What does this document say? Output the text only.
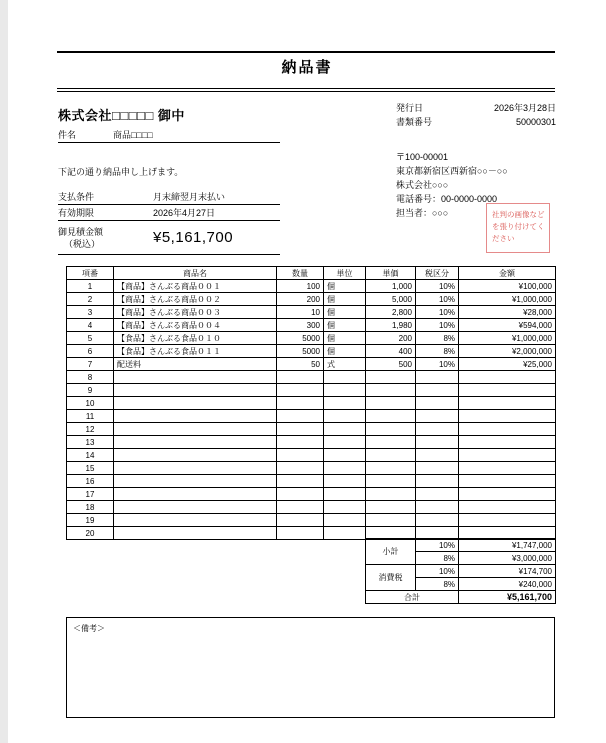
納品書
株式会社□□□□□ 御中
件名	商品□□□□
発行日	2026年3月28日
書類番号	50000301
〒100-00001
東京都新宿区西新宿○○－○○
株式会社○○○
電話番号：00-0000-0000
担当者：○○○	社判の画像などを張り付けてください
下記の通り納品申し上げます。
支払条件	月末締翌月末払い
有効期限	2026年4月27日
御見積金額
（税込）	¥5,161,700
項番	商品名	数量	単位	単価	税区分	金額
1	【商品】さんぶる商品００１	100	個	1,000	10%	¥100,000
2	【商品】さんぶる商品００２	200	個	5,000	10%	¥1,000,000
3	【商品】さんぶる商品００３	10	個	2,800	10%	¥28,000
4	【商品】さんぶる商品００４	300	個	1,980	10%	¥594,000
5	【食品】さんぶる食品０１０	5000	個	200	8%	¥1,000,000
6	【食品】さんぶる食品０１１	5000	個	400	8%	¥2,000,000
7	配送料	50	式	500	10%	¥25,000
8						
9						
10						
11						
12						
13						
14						
15						
16						
17						
18						
19						
20						
小計	10%	¥1,747,000
	8%	¥3,000,000
消費税	10%	¥174,700
	8%	¥240,000
合計		¥5,161,700
＜備考＞
